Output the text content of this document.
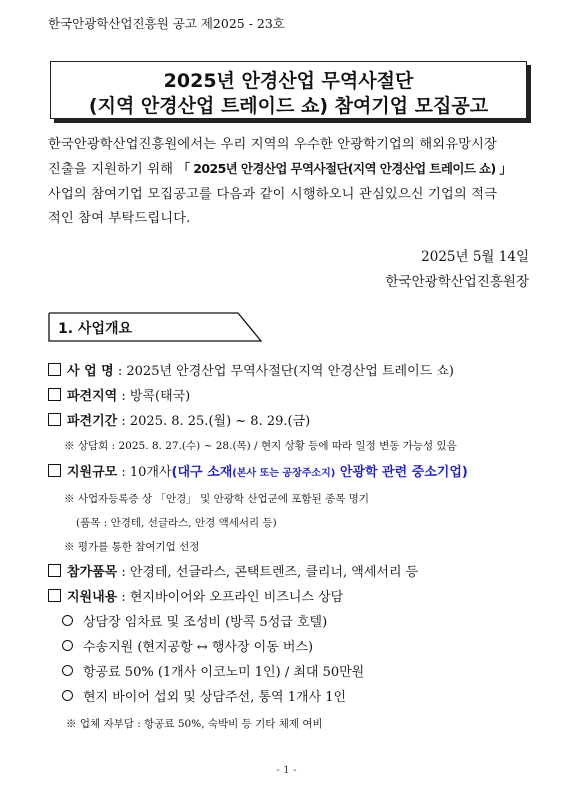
한국안광학산업진흥원 공고 제2025 - 23호
2025년 안경산업 무역사절단
(지역 안경산업 트레이드 쇼) 참여기업 모집공고
한국안광학산업진흥원에서는 우리 지역의 우수한 안광학기업의 해외유망시장
진출을 지원하기 위해 「 2025년 안경산업 무역사절단(지역 안경산업 트레이드 쇼) 」
사업의 참여기업 모집공고를 다음과 같이 시행하오니 관심있으신 기업의 적극
적인 참여 부탁드립니다.
2025년 5월 14일
한국안광학산업진흥원장
1. 사업개요
사 업 명 : 2025년 안경산업 무역사절단(지역 안경산업 트레이드 쇼)
파견지역 : 방콕(태국)
파견기간 : 2025. 8. 25.(월) ~ 8. 29.(금)
※ 상담회 : 2025. 8. 27.(수) ~ 28.(목) / 현지 상황 등에 따라 일정 변동 가능성 있음
지원규모 : 10개사(대구 소재(본사 또는 공장주소지) 안광학 관련 중소기업)
※ 사업자등록증 상 「안경」 및 안광학 산업군에 포함된 종목 명기
(품목 : 안경테, 선글라스, 안경 액세서리 등)
※ 평가를 통한 참여기업 선정
참가품목 : 안경테, 선글라스, 콘택트렌즈, 클리너, 액세서리 등
지원내용 : 현지바이어와 오프라인 비즈니스 상담
상담장 임차료 및 조성비 (방콕 5성급 호텔)
수송지원 (현지공항 ↔ 행사장 이동 버스)
항공료 50% (1개사 이코노미 1인) / 최대 50만원
현지 바이어 섭외 및 상담주선, 통역 1개사 1인
※ 업체 자부담 : 항공료 50%, 숙박비 등 기타 체제 여비
- 1 -
